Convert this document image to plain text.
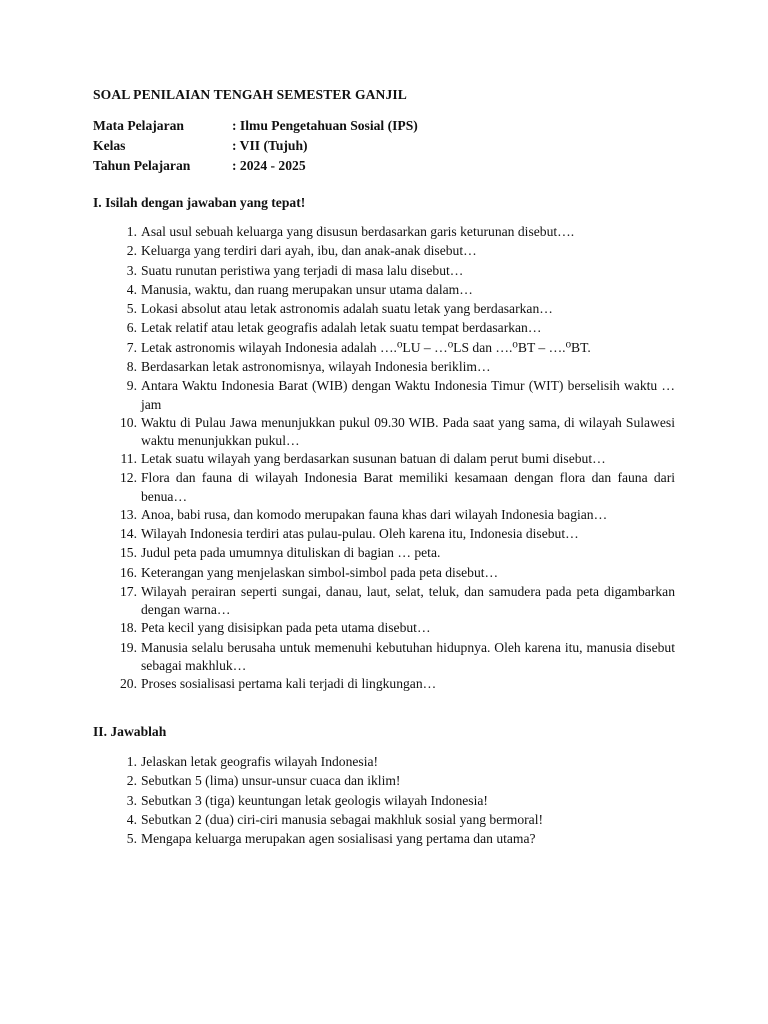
SOAL PENILAIAN TENGAH SEMESTER GANJIL
Mata Pelajaran	: Ilmu Pengetahuan Sosial (IPS)
Kelas	: VII (Tujuh)
Tahun Pelajaran	: 2024 - 2025
I. Isilah dengan jawaban yang tepat!
1. Asal usul sebuah keluarga yang disusun berdasarkan garis keturunan disebut….
2. Keluarga yang terdiri dari ayah, ibu, dan anak-anak disebut…
3. Suatu runutan peristiwa yang terjadi di masa lalu disebut…
4. Manusia, waktu, dan ruang merupakan unsur utama dalam…
5. Lokasi absolut atau letak astronomis adalah suatu letak yang berdasarkan…
6. Letak relatif atau letak geografis adalah letak suatu tempat berdasarkan…
7. Letak astronomis wilayah Indonesia adalah ….⁰LU – …⁰LS dan ….⁰BT – ….⁰BT.
8. Berdasarkan letak astronomisnya, wilayah Indonesia beriklim…
9. Antara Waktu Indonesia Barat (WIB) dengan Waktu Indonesia Timur (WIT) berselisih waktu … jam
10. Waktu di Pulau Jawa menunjukkan pukul 09.30 WIB. Pada saat yang sama, di wilayah Sulawesi waktu menunjukkan pukul…
11. Letak suatu wilayah yang berdasarkan susunan batuan di dalam perut bumi disebut…
12. Flora dan fauna di wilayah Indonesia Barat memiliki kesamaan dengan flora dan fauna dari benua…
13. Anoa, babi rusa, dan komodo merupakan fauna khas dari wilayah Indonesia bagian…
14. Wilayah Indonesia terdiri atas pulau-pulau. Oleh karena itu, Indonesia disebut…
15. Judul peta pada umumnya dituliskan di bagian … peta.
16. Keterangan yang menjelaskan simbol-simbol pada peta disebut…
17. Wilayah perairan seperti sungai, danau, laut, selat, teluk, dan samudera pada peta digambarkan dengan warna…
18. Peta kecil yang disisipkan pada peta utama disebut…
19. Manusia selalu berusaha untuk memenuhi kebutuhan hidupnya. Oleh karena itu, manusia disebut sebagai makhluk…
20. Proses sosialisasi pertama kali terjadi di lingkungan…
II. Jawablah
1. Jelaskan letak geografis wilayah Indonesia!
2. Sebutkan 5 (lima) unsur-unsur cuaca dan iklim!
3. Sebutkan 3 (tiga) keuntungan letak geologis wilayah Indonesia!
4. Sebutkan 2 (dua) ciri-ciri manusia sebagai makhluk sosial yang bermoral!
5. Mengapa keluarga merupakan agen sosialisasi yang pertama dan utama?
